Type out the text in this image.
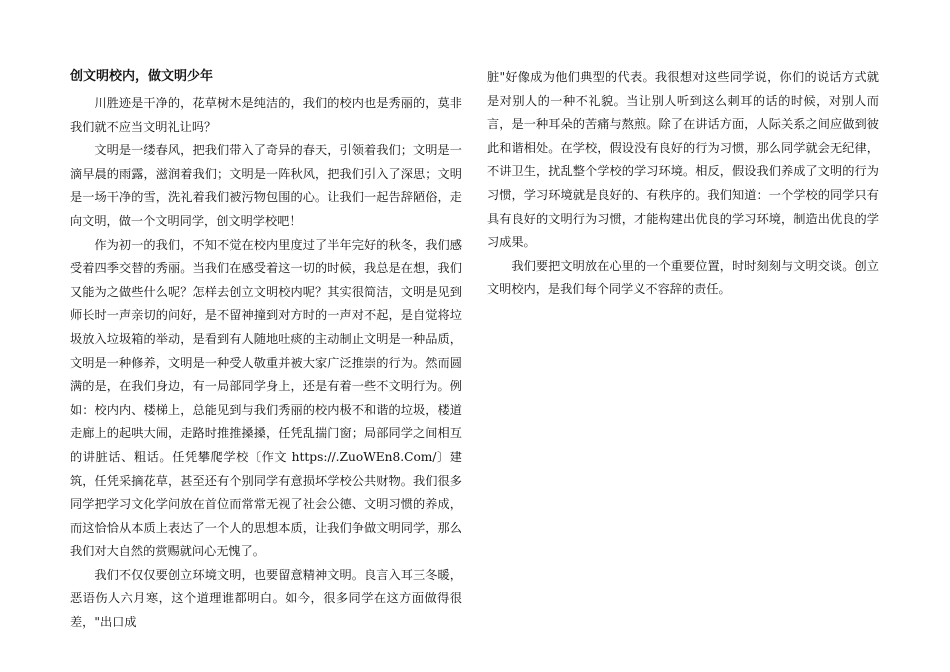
创文明校内，做文明少年

川胜迹是干净的，花草树木是纯洁的，我们的校内也是秀丽的，莫非我们就不应当文明礼让吗？

文明是一缕春风，把我们带入了奇异的春天，引领着我们；文明是一滴早晨的雨露，滋润着我们；文明是一阵秋风，把我们引入了深思；文明是一场干净的雪，洗礼着我们被污物包围的心。让我们一起告辞陋俗，走向文明，做一个文明同学，创文明学校吧！

作为初一的我们，不知不觉在校内里度过了半年完好的秋冬，我们感受着四季交替的秀丽。当我们在感受着这一切的时候，我总是在想，我们又能为之做些什么呢？怎样去创立文明校内呢？其实很简洁，文明是见到师长时一声亲切的问好，是不留神撞到对方时的一声对不起，是自觉将垃圾放入垃圾箱的举动，是看到有人随地吐痰的主动制止文明是一种品质，文明是一种修养，文明是一种受人敬重并被大家广泛推崇的行为。然而圆满的是，在我们身边，有一局部同学身上，还是有着一些不文明行为。例如：校内内、楼梯上，总能见到与我们秀丽的校内极不和谐的垃圾，楼道走廊上的起哄大闹，走路时推推搡搡，任凭乱揣门窗；局部同学之间相互的讲脏话、粗话。任凭攀爬学校〔作文 https://.ZuoWEn8.Com/〕建筑，任凭采摘花草，甚至还有个别同学有意损坏学校公共财物。我们很多同学把学习文化学问放在首位而常常无视了社会公德、文明习惯的养成，而这恰恰从本质上表达了一个人的思想本质，让我们争做文明同学，那么我们对大自然的赏赐就问心无愧了。

我们不仅仅要创立环境文明，也要留意精神文明。良言入耳三冬暖，恶语伤人六月寒，这个道理谁都明白。如今，很多同学在这方面做得很差，"出口成

脏"好像成为他们典型的代表。我很想对这些同学说，你们的说话方式就是对别人的一种不礼貌。当让别人听到这么刺耳的话的时候，对别人而言，是一种耳朵的苦痛与熬煎。除了在讲话方面，人际关系之间应做到彼此和谐相处。在学校，假设没有良好的行为习惯，那么同学就会无纪律，不讲卫生，扰乱整个学校的学习环境。相反，假设我们养成了文明的行为习惯，学习环境就是良好的、有秩序的。我们知道：一个学校的同学只有具有良好的文明行为习惯，才能构建出优良的学习环境，制造出优良的学习成果。

我们要把文明放在心里的一个重要位置，时时刻刻与文明交谈。创立文明校内，是我们每个同学义不容辞的责任。
